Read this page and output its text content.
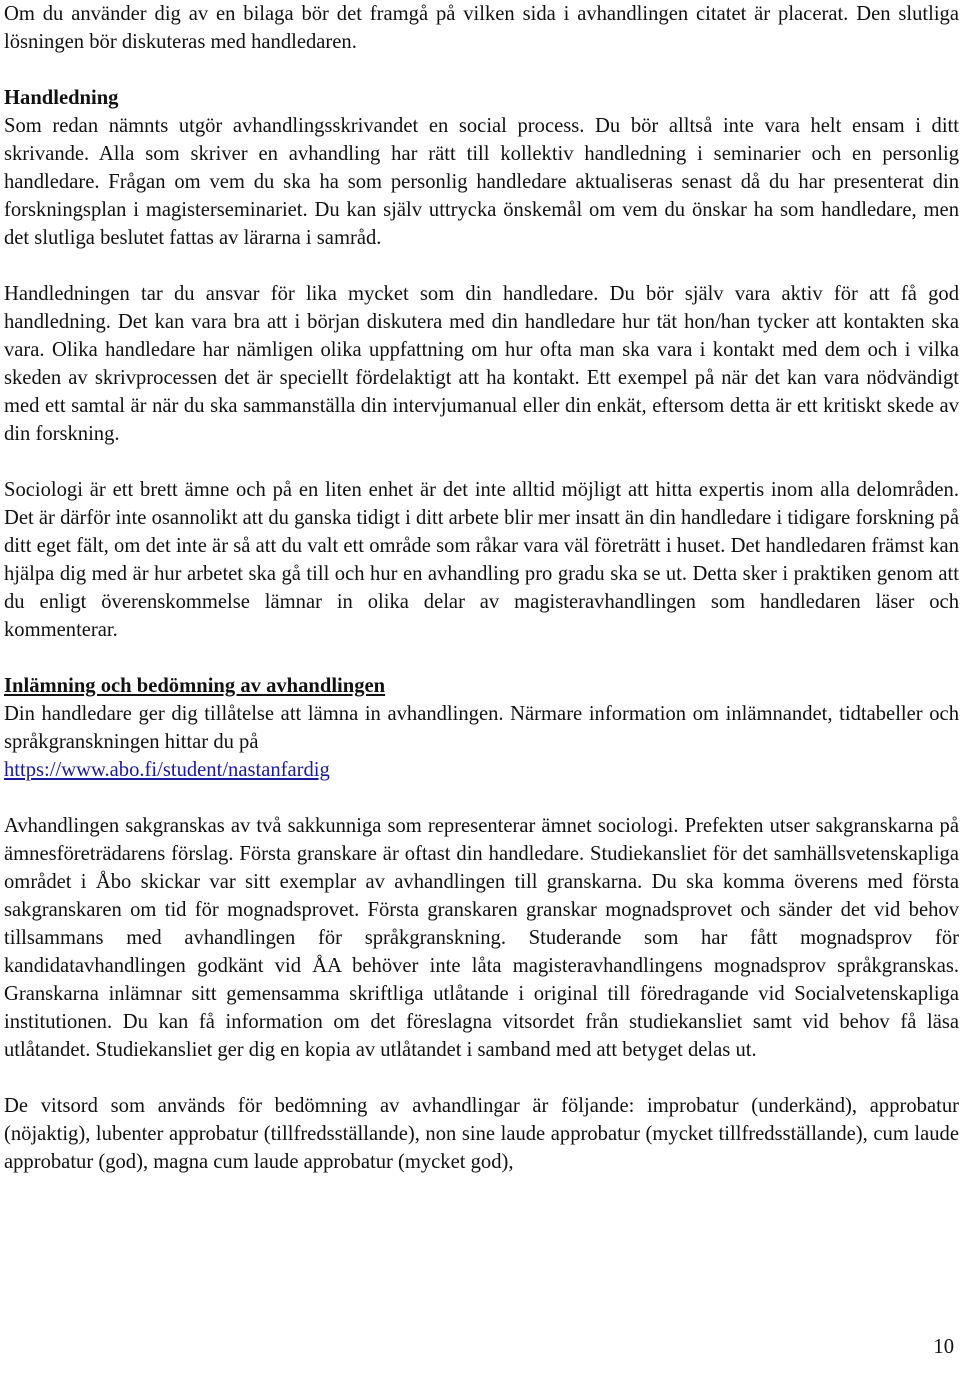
Om du använder dig av en bilaga bör det framgå på vilken sida i avhandlingen citatet är placerat. Den slutliga lösningen bör diskuteras med handledaren.

Handledning

Som redan nämnts utgör avhandlingsskrivandet en social process. Du bör alltså inte vara helt ensam i ditt skrivande. Alla som skriver en avhandling har rätt till kollektiv handledning i seminarier och en personlig handledare. Frågan om vem du ska ha som personlig handledare aktualiseras senast då du har presenterat din forskningsplan i magisterseminariet. Du kan själv uttrycka önskemål om vem du önskar ha som handledare, men det slutliga beslutet fattas av lärarna i samråd.

Handledningen tar du ansvar för lika mycket som din handledare. Du bör själv vara aktiv för att få god handledning. Det kan vara bra att i början diskutera med din handledare hur tät hon/han tycker att kontakten ska vara. Olika handledare har nämligen olika uppfattning om hur ofta man ska vara i kontakt med dem och i vilka skeden av skrivprocessen det är speciellt fördelaktigt att ha kontakt. Ett exempel på när det kan vara nödvändigt med ett samtal är när du ska sammanställa din intervjumanual eller din enkät, eftersom detta är ett kritiskt skede av din forskning.

Sociologi är ett brett ämne och på en liten enhet är det inte alltid möjligt att hitta expertis inom alla delområden. Det är därför inte osannolikt att du ganska tidigt i ditt arbete blir mer insatt än din handledare i tidigare forskning på ditt eget fält, om det inte är så att du valt ett område som råkar vara väl företrätt i huset. Det handledaren främst kan hjälpa dig med är hur arbetet ska gå till och hur en avhandling pro gradu ska se ut. Detta sker i praktiken genom att du enligt överenskommelse lämnar in olika delar av magisteravhandlingen som handledaren läser och kommenterar.

Inlämning och bedömning av avhandlingen

Din handledare ger dig tillåtelse att lämna in avhandlingen. Närmare information om inlämnandet, tidtabeller och språkgranskningen hittar du på

https://www.abo.fi/student/nastanfardig

Avhandlingen sakgranskas av två sakkunniga som representerar ämnet sociologi. Prefekten utser sakgranskarna på ämnesföreträdarens förslag. Första granskare är oftast din handledare. Studiekansliet för det samhällsvetenskapliga området i Åbo skickar var sitt exemplar av avhandlingen till granskarna. Du ska komma överens med första sakgranskaren om tid för mognadsprovet. Första granskaren granskar mognadsprovet och sänder det vid behov tillsammans med avhandlingen för språkgranskning. Studerande som har fått mognadsprov för kandidatavhandlingen godkänt vid ÅA behöver inte låta magisteravhandlingens mognadsprov språkgranskas. Granskarna inlämnar sitt gemensamma skriftliga utlåtande i original till föredragande vid Socialvetenskapliga institutionen. Du kan få information om det föreslagna vitsordet från studiekansliet samt vid behov få läsa utlåtandet. Studiekansliet ger dig en kopia av utlåtandet i samband med att betyget delas ut.

De vitsord som används för bedömning av avhandlingar är följande: improbatur (underkänd), approbatur (nöjaktig), lubenter approbatur (tillfredsställande), non sine laude approbatur (mycket tillfredsställande), cum laude approbatur (god), magna cum laude approbatur (mycket god),

10
